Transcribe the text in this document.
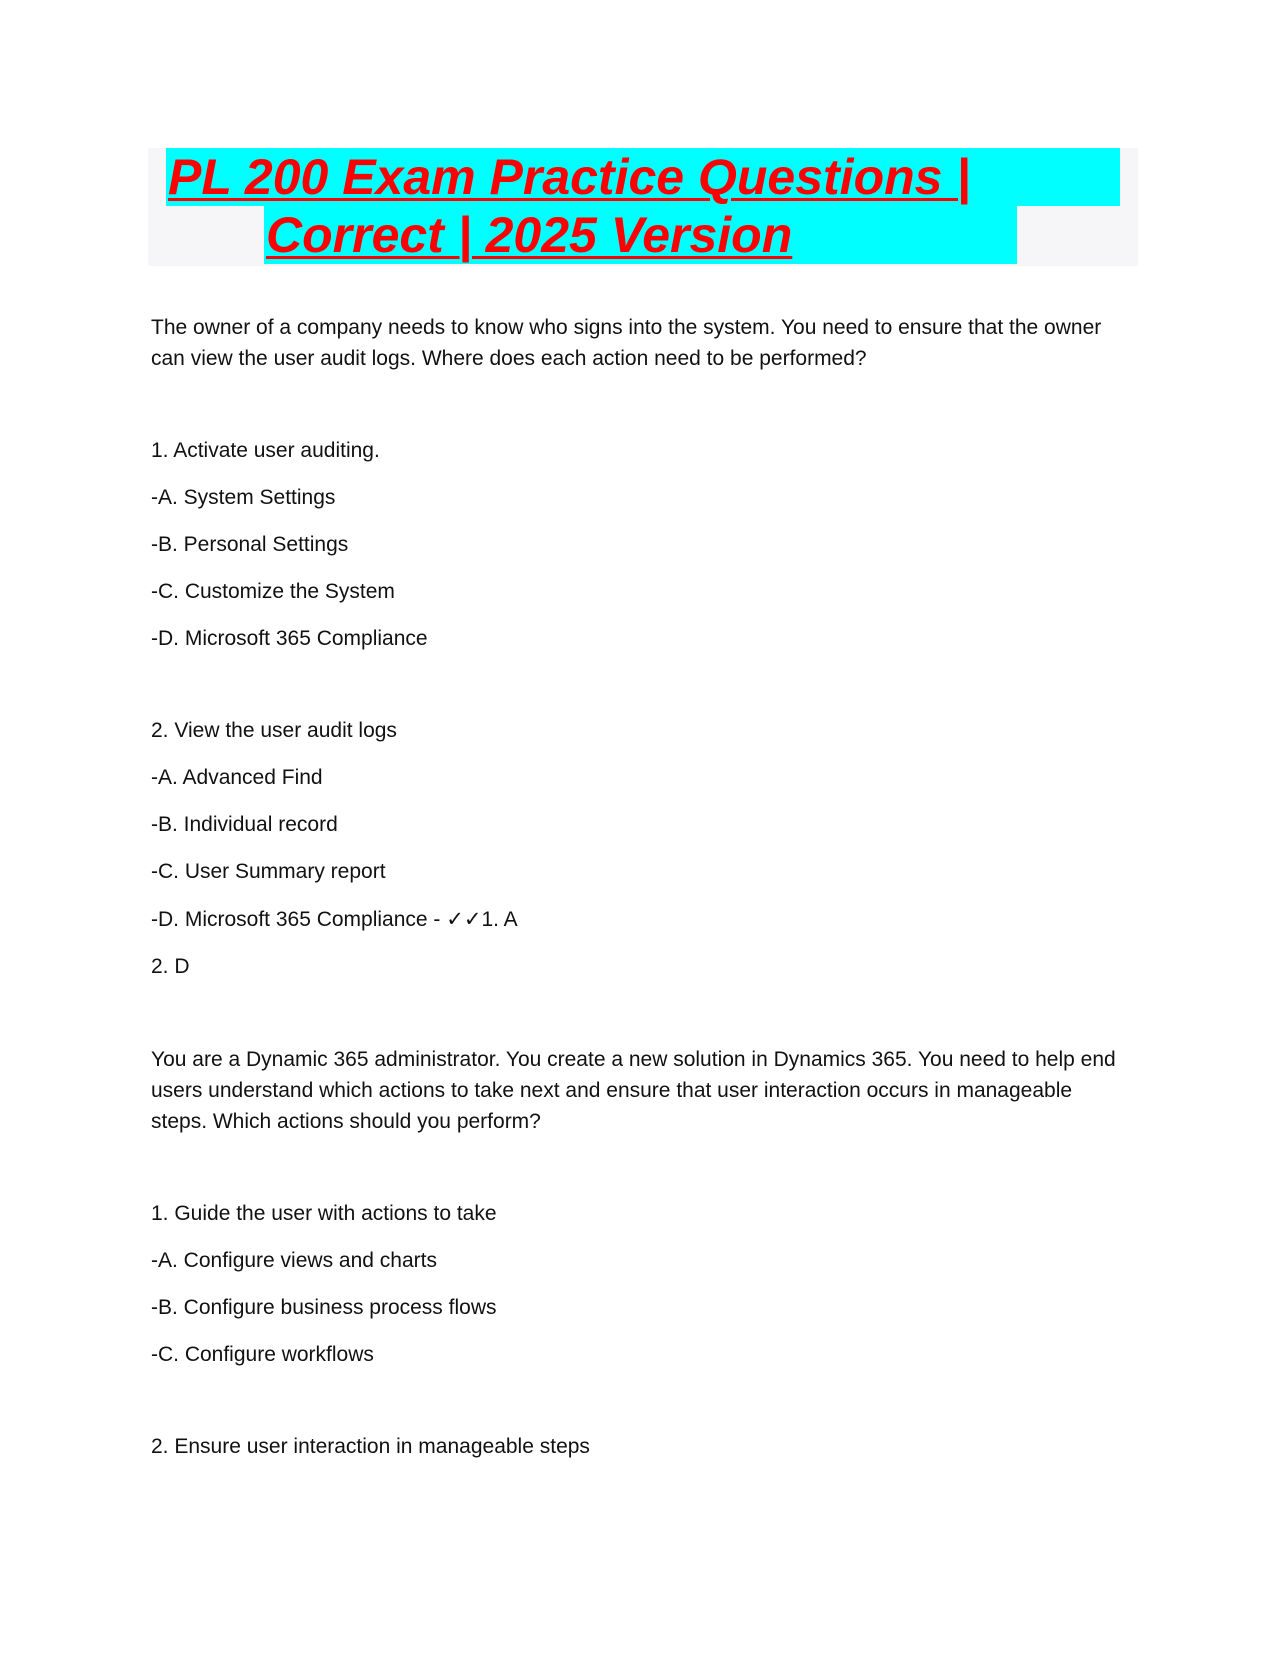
PL 200 Exam Practice Questions |
Correct | 2025 Version

The owner of a company needs to know who signs into the system. You need to ensure that the owner can view the user audit logs. Where does each action need to be performed?

1. Activate user auditing.

-A. System Settings

-B. Personal Settings

-C. Customize the System

-D. Microsoft 365 Compliance

2. View the user audit logs

-A. Advanced Find

-B. Individual record

-C. User Summary report

-D. Microsoft 365 Compliance - ✓✓1. A

2. D

You are a Dynamic 365 administrator. You create a new solution in Dynamics 365. You need to help end users understand which actions to take next and ensure that user interaction occurs in manageable steps. Which actions should you perform?

1. Guide the user with actions to take

-A. Configure views and charts

-B. Configure business process flows

-C. Configure workflows

2. Ensure user interaction in manageable steps
